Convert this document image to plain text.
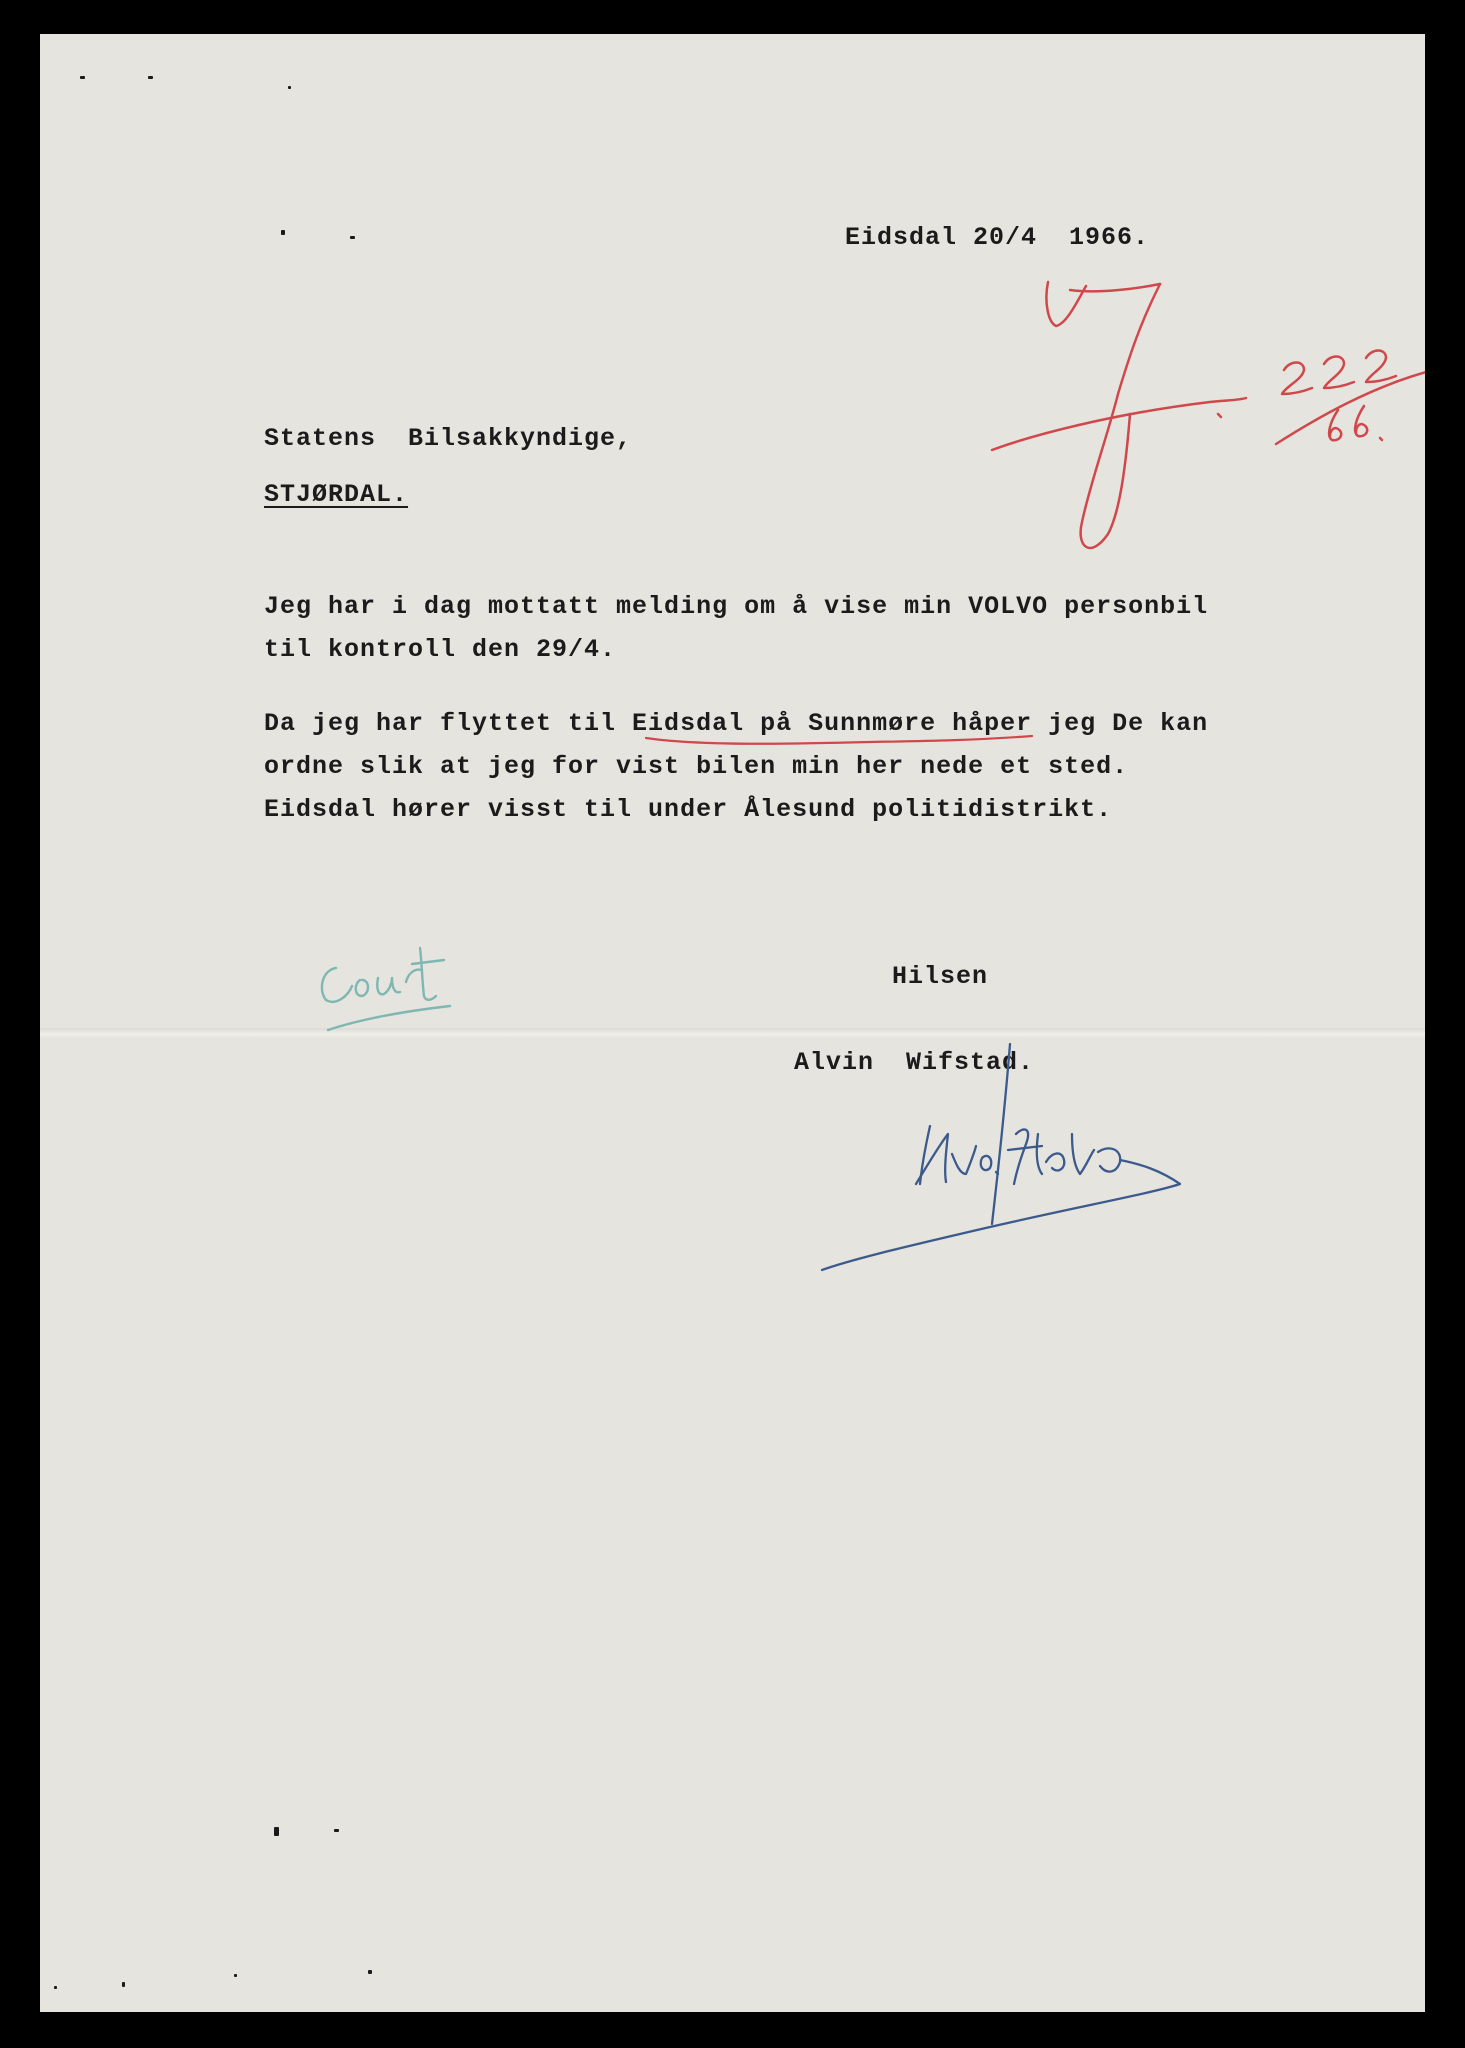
Eidsdal 20/4  1966.

Statens  Bilsakkyndige,

STJØRDAL.

Jeg har i dag mottatt melding om å vise min VOLVO personbil

til kontroll den 29/4.

Da jeg har flyttet til Eidsdal på Sunnmøre håper jeg De kan

ordne slik at jeg for vist bilen min her nede et sted.

Eidsdal hører visst til under Ålesund politidistrikt.

Hilsen

Alvin  Wifstad.
